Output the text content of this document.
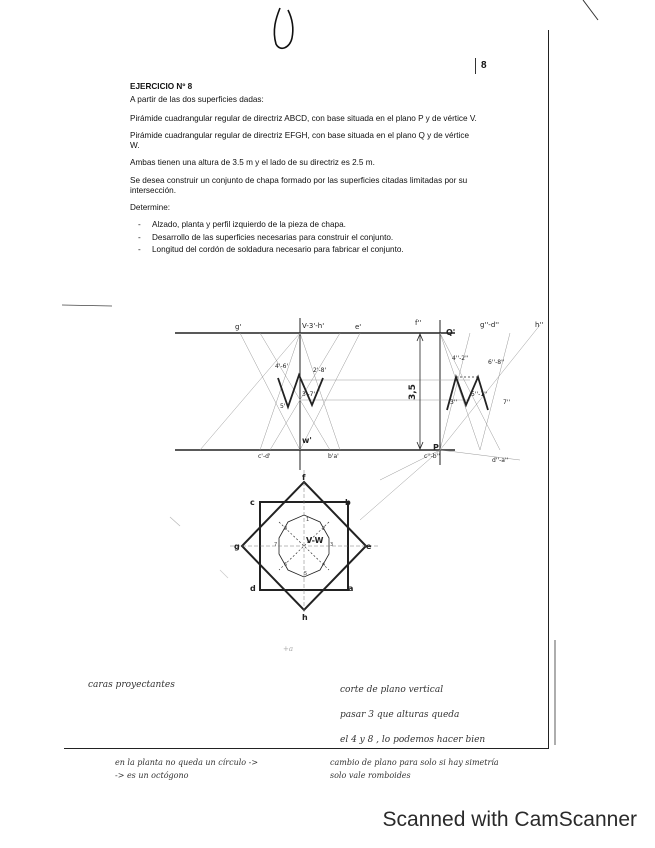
8
EJERCICIO Nº 8

A partir de las dos superficies dadas:

Pirámide cuadrangular regular de directriz ABCD, con base situada en el plano P y de vértice V.

Pirámide cuadrangular regular de directriz EFGH, con base situada en el plano Q y de vértice W.

Ambas tienen una altura de 3.5 m y el lado de su directriz es 2.5 m.

Se desea construir un conjunto de chapa formado por las superficies citadas limitadas por su intersección.

Determine:

- Alzado, planta y perfil izquierdo de la pieza de chapa.
- Desarrollo de las superficies necesarias para construir el conjunto.
- Longitud del cordón de soldadura necesario para fabricar el conjunto.
g'	V-3'-h'	e'	f''
Q'
g''-d''	h''
4'-6'
2'-8'
5'
3'-7'
4''-2''
6''-8''
3''
5''-1''
7''
3,5
w'
P'
c'-d'	b'a'	c''-b''
d''-a''
f
b
c
g	e
d	a
h
V-W
1
2
3
4
5
6
7
8
caras proyectantes	corte de plano vertical
pasar 3 que alturas queda
el 4 y 8 , lo podemos hacer bien
+a
en la planta no queda un círculo ->
-> es un octógono
cambio de plano para solo si hay simetría
solo vale romboides
Scanned with CamScanner
